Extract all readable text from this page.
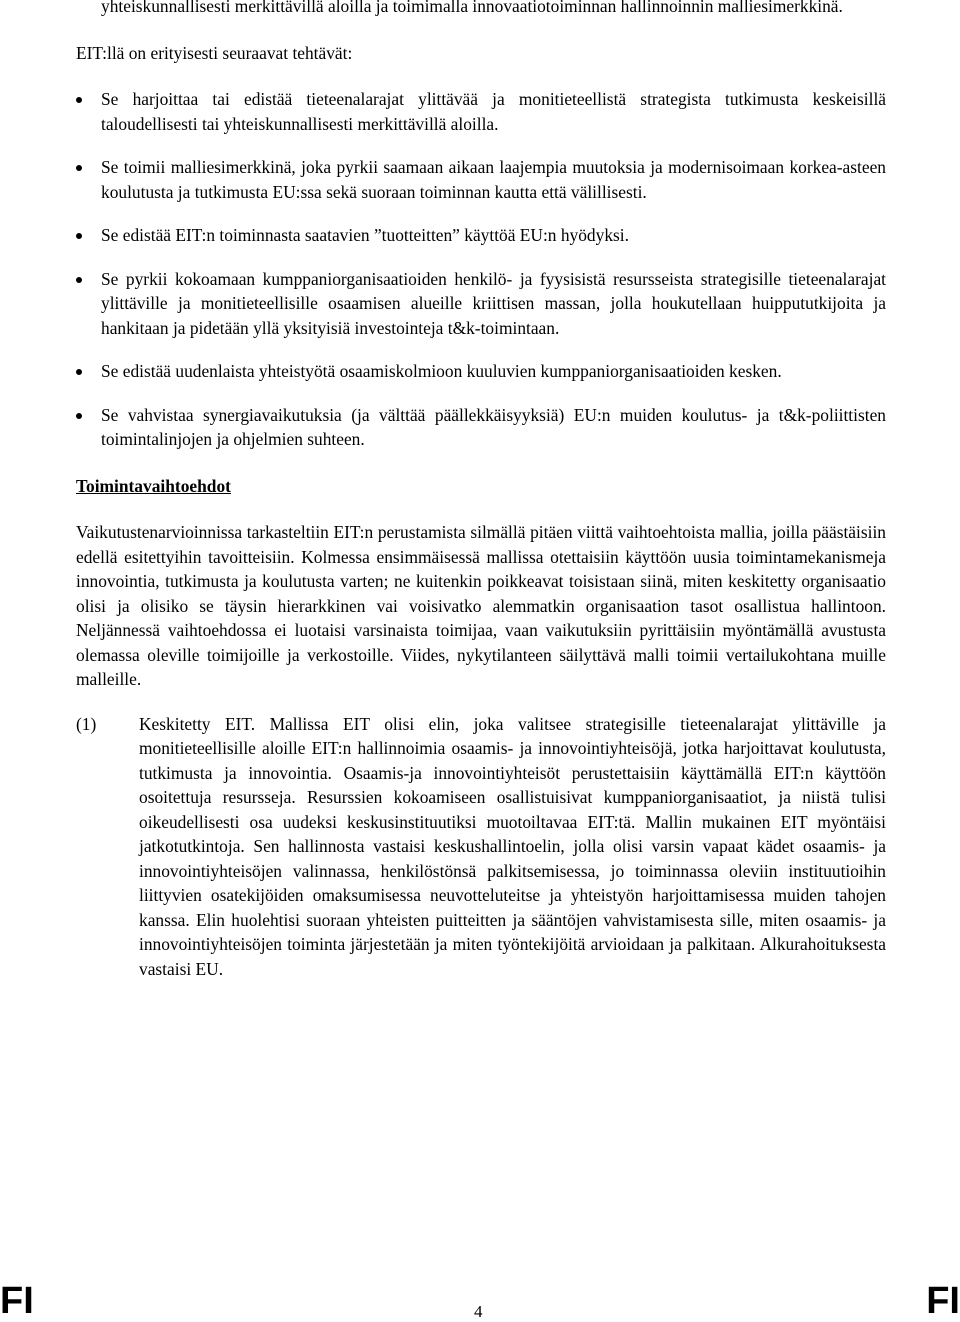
yhteiskunnallisesti merkittävillä aloilla ja toimimalla innovaatiotoiminnan hallinnoinnin malliesimerkkinä.

EIT:llä on erityisesti seuraavat tehtävät:

Se harjoittaa tai edistää tieteenalarajat ylittävää ja monitieteellistä strategista tutkimusta keskeisillä taloudellisesti tai yhteiskunnallisesti merkittävillä aloilla.
Se toimii malliesimerkkinä, joka pyrkii saamaan aikaan laajempia muutoksia ja modernisoimaan korkea-asteen koulutusta ja tutkimusta EU:ssa sekä suoraan toiminnan kautta että välillisesti.
Se edistää EIT:n toiminnasta saatavien ”tuotteitten” käyttöä EU:n hyödyksi.
Se pyrkii kokoamaan kumppaniorganisaatioiden henkilö- ja fyysisistä resursseista strategisille tieteenalarajat ylittäville ja monitieteellisille osaamisen alueille kriittisen massan, jolla houkutellaan huippututkijoita ja hankitaan ja pidetään yllä yksityisiä investointeja t&k-toimintaan.
Se edistää uudenlaista yhteistyötä osaamiskolmioon kuuluvien kumppaniorganisaatioiden kesken.
Se vahvistaa synergiavaikutuksia (ja välttää päällekkäisyyksiä) EU:n muiden koulutus- ja t&k-poliittisten toimintalinjojen ja ohjelmien suhteen.

Toimintavaihtoehdot

Vaikutustenarvioinnissa tarkasteltiin EIT:n perustamista silmällä pitäen viittä vaihtoehtoista mallia, joilla päästäisiin edellä esitettyihin tavoitteisiin. Kolmessa ensimmäisessä mallissa otettaisiin käyttöön uusia toimintamekanismeja innovointia, tutkimusta ja koulutusta varten; ne kuitenkin poikkeavat toisistaan siinä, miten keskitetty organisaatio olisi ja olisiko se täysin hierarkkinen vai voisivatko alemmatkin organisaation tasot osallistua hallintoon. Neljännessä vaihtoehdossa ei luotaisi varsinaista toimijaa, vaan vaikutuksiin pyrittäisiin myöntämällä avustusta olemassa oleville toimijoille ja verkostoille. Viides, nykytilanteen säilyttävä malli toimii vertailukohtana muille malleille.

(1) Keskitetty EIT. Mallissa EIT olisi elin, joka valitsee strategisille tieteenalarajat ylittäville ja monitieteellisille aloille EIT:n hallinnoimia osaamis- ja innovointiyhteisöjä, jotka harjoittavat koulutusta, tutkimusta ja innovointia. Osaamis-ja innovointiyhteisöt perustettaisiin käyttämällä EIT:n käyttöön osoitettuja resursseja. Resurssien kokoamiseen osallistuisivat kumppaniorganisaatiot, ja niistä tulisi oikeudellisesti osa uudeksi keskusinstituutiksi muotoiltavaa EIT:tä. Mallin mukainen EIT myöntäisi jatkotutkintoja. Sen hallinnosta vastaisi keskushallintoelin, jolla olisi varsin vapaat kädet osaamis- ja innovointiyhteisöjen valinnassa, henkilöstönsä palkitsemisessa, jo toiminnassa oleviin instituutioihin liittyvien osatekijöiden omaksumisessa neuvotteluteitse ja yhteistyön harjoittamisessa muiden tahojen kanssa. Elin huolehtisi suoraan yhteisten puitteitten ja sääntöjen vahvistamisesta sille, miten osaamis- ja innovointiyhteisöjen toiminta järjestetään ja miten työntekijöitä arvioidaan ja palkitaan. Alkurahoituksesta vastaisi EU.

FI	4	FI
